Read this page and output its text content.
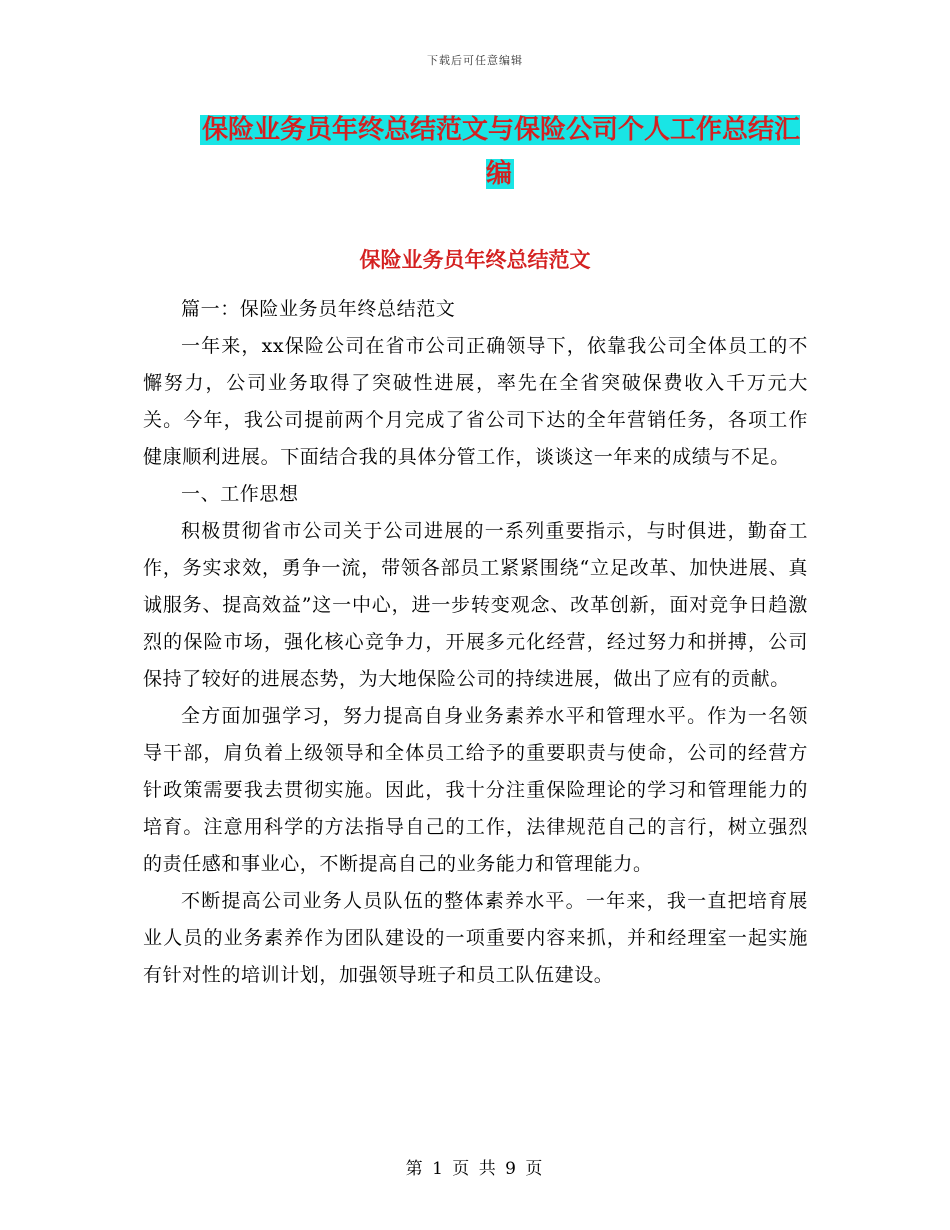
下载后可任意编辑
保险业务员年终总结范文与保险公司个人工作总结汇编
保险业务员年终总结范文

篇一：保险业务员年终总结范文

一年来，xx保险公司在省市公司正确领导下，依靠我公司全体员工的不懈努力，公司业务取得了突破性进展，率先在全省突破保费收入千万元大关。今年，我公司提前两个月完成了省公司下达的全年营销任务，各项工作健康顺利进展。下面结合我的具体分管工作，谈谈这一年来的成绩与不足。

一、工作思想

积极贯彻省市公司关于公司进展的一系列重要指示，与时俱进，勤奋工作，务实求效，勇争一流，带领各部员工紧紧围绕“立足改革、加快进展、真诚服务、提高效益”这一中心，进一步转变观念、改革创新，面对竞争日趋激烈的保险市场，强化核心竞争力，开展多元化经营，经过努力和拼搏，公司保持了较好的进展态势，为大地保险公司的持续进展，做出了应有的贡献。

全方面加强学习，努力提高自身业务素养水平和管理水平。作为一名领导干部，肩负着上级领导和全体员工给予的重要职责与使命，公司的经营方针政策需要我去贯彻实施。因此，我十分注重保险理论的学习和管理能力的培育。注意用科学的方法指导自己的工作，法律规范自己的言行，树立强烈的责任感和事业心，不断提高自己的业务能力和管理能力。

不断提高公司业务人员队伍的整体素养水平。一年来，我一直把培育展业人员的业务素养作为团队建设的一项重要内容来抓，并和经理室一起实施有针对性的培训计划，加强领导班子和员工队伍建设。

第 1 页 共 9 页
